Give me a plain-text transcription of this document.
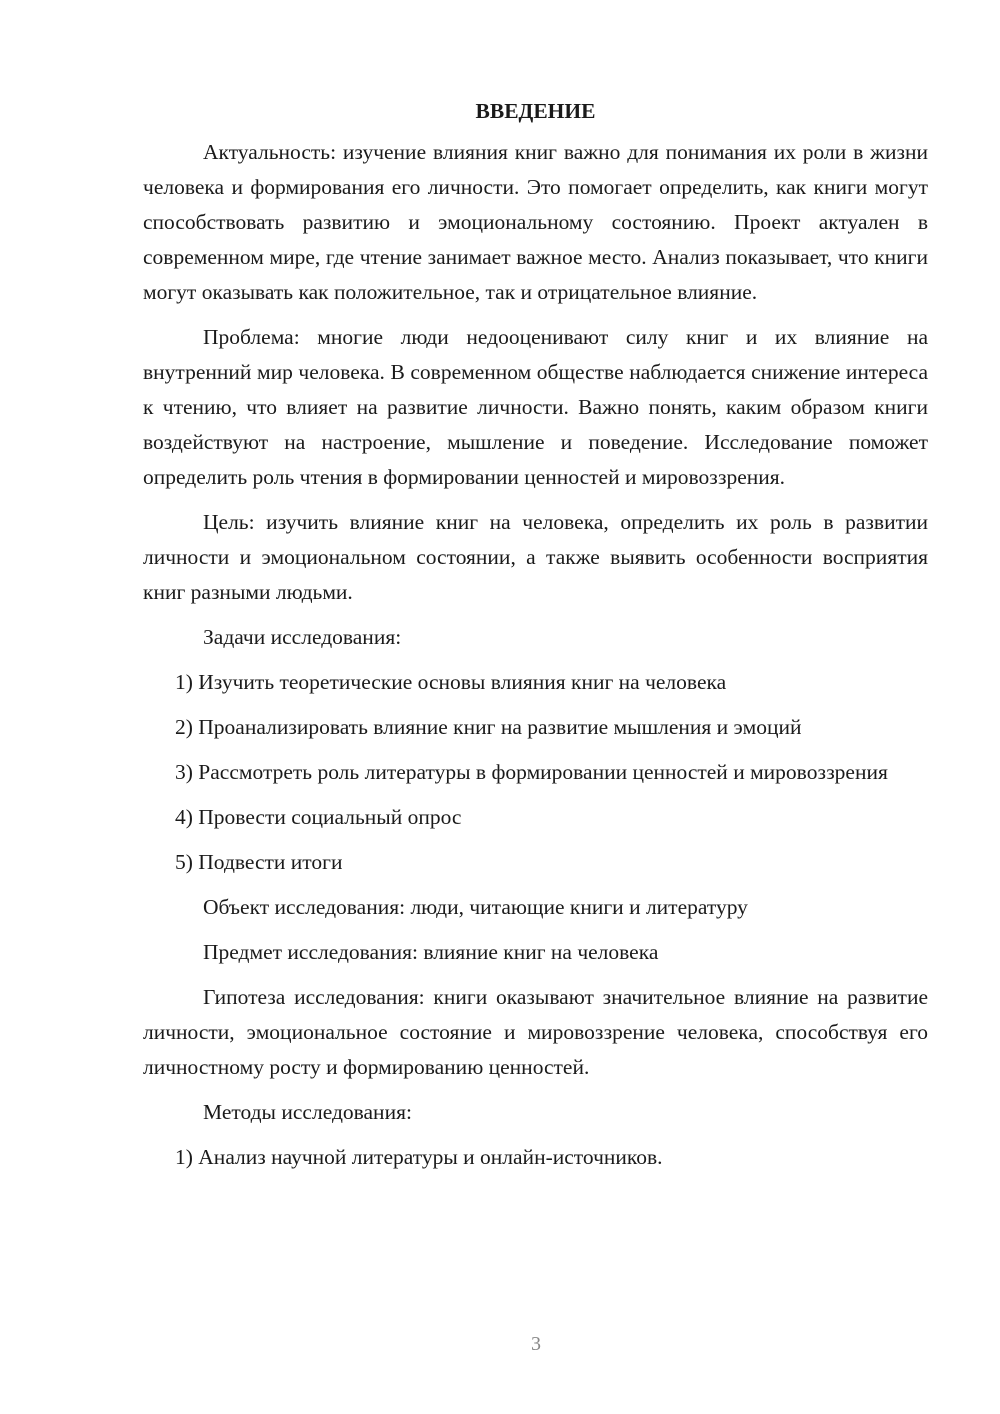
ВВЕДЕНИЕ

Актуальность: изучение влияния книг важно для понимания их роли в жизни человека и формирования его личности. Это помогает определить, как книги могут способствовать развитию и эмоциональному состоянию. Проект актуален в современном мире, где чтение занимает важное место. Анализ показывает, что книги могут оказывать как положительное, так и отрицательное влияние.

Проблема: многие люди недооценивают силу книг и их влияние на внутренний мир человека. В современном обществе наблюдается снижение интереса к чтению, что влияет на развитие личности. Важно понять, каким образом книги воздействуют на настроение, мышление и поведение. Исследование поможет определить роль чтения в формировании ценностей и мировоззрения.

Цель: изучить влияние книг на человека, определить их роль в развитии личности и эмоциональном состоянии, а также выявить особенности восприятия книг разными людьми.

Задачи исследования:

1) Изучить теоретические основы влияния книг на человека

2) Проанализировать влияние книг на развитие мышления и эмоций

3) Рассмотреть роль литературы в формировании ценностей и мировоззрения

4) Провести социальный опрос

5) Подвести итоги

Объект исследования: люди, читающие книги и литературу

Предмет исследования: влияние книг на человека

Гипотеза исследования: книги оказывают значительное влияние на развитие личности, эмоциональное состояние и мировоззрение человека, способствуя его личностному росту и формированию ценностей.

Методы исследования:

1) Анализ научной литературы и онлайн-источников.

3
